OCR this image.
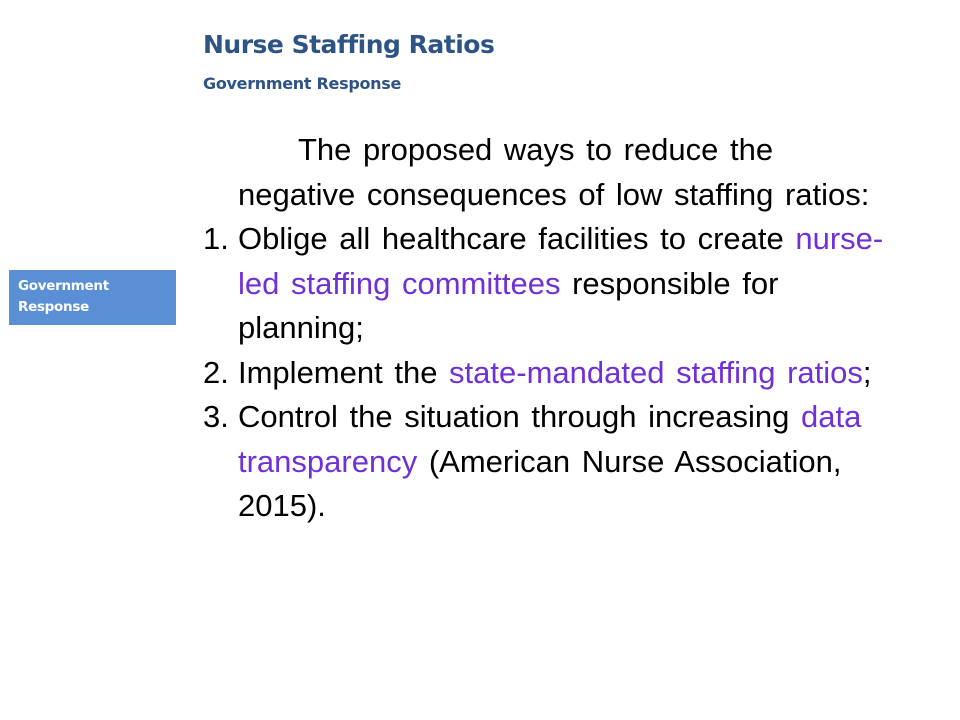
Nurse Staffing Ratios
Government Response
Government
Response
The proposed ways to reduce the negative consequences of low staffing ratios:
1. Oblige all healthcare facilities to create nurse-led staffing committees responsible for planning;
2. Implement the state-mandated staffing ratios;
3. Control the situation through increasing data transparency (American Nurse Association, 2015).
